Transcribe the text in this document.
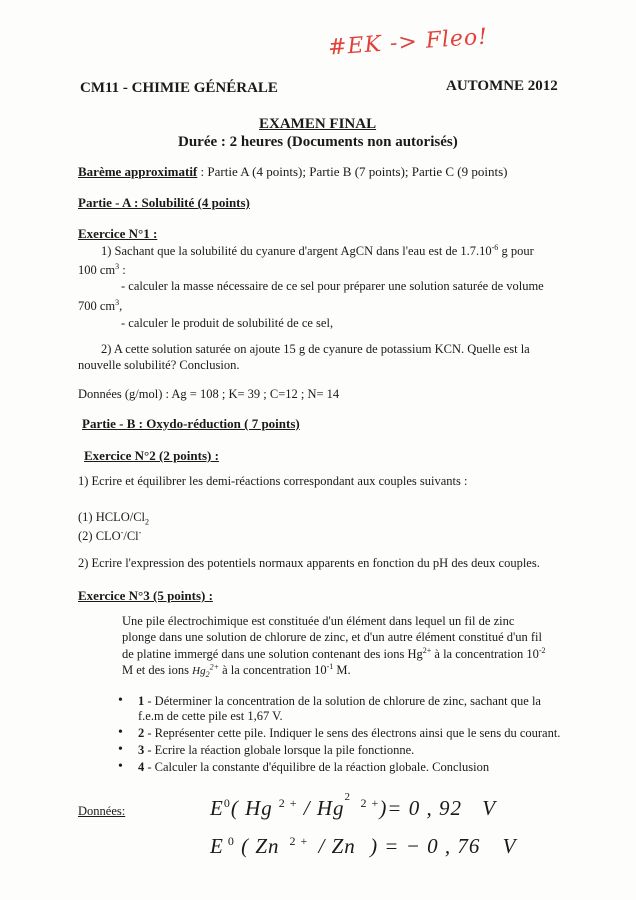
#EK -> Fleo!
CM11 - CHIMIE GÉNÉRALE	AUTOMNE 2012
EXAMEN FINAL
Durée : 2 heures (Documents non autorisés)
Barème approximatif : Partie A (4 points); Partie B (7 points); Partie C (9 points)
Partie - A : Solubilité (4 points)
Exercice N°1 :
1) Sachant que la solubilité du cyanure d'argent AgCN dans l'eau est de $1.7.10^{-6}$ g pour
100 $cm^3$ :
- calculer la masse nécessaire de ce sel pour préparer une solution saturée de volume
700 $cm^3$,
- calculer le produit de solubilité de ce sel,
2) A cette solution saturée on ajoute 15 g de cyanure de potassium KCN. Quelle est la
nouvelle solubilité? Conclusion.
Données (g/mol) : Ag = 108 ; K= 39 ; C=12 ; N= 14
Partie - B : Oxydo-réduction ( 7 points)
Exercice N°2 (2 points) :
1) Ecrire et équilibrer les demi-réactions correspondant aux couples suivants :
(1) HCLO/$Cl_2$
(2) CLO-/Cl-
2) Ecrire l'expression des potentiels normaux apparents en fonction du pH des deux couples.
Exercice N°3 (5 points) :
Une pile électrochimique est constituée d'un élément dans lequel un fil de zinc
plonge dans une solution de chlorure de zinc, et d'un autre élément constitué d'un fil
de platine immergé dans une solution contenant des ions $Hg^{2+}$ à la concentration $10^{-2}$
M et des ions $Hg_2^{2+}$ à la concentration $10^{-1}$ M.
• 1 - Déterminer la concentration de la solution de chlorure de zinc, sachant que la f.e.m de cette pile est 1,67 V.
• 2 - Représenter cette pile. Indiquer le sens des électrons ainsi que le sens du courant.
• 3 - Ecrire la réaction globale lorsque la pile fonctionne.
• 4 - Calculer la constante d'équilibre de la réaction globale. Conclusion
Données:	$E^0$( Hg $^{2 +}$ / Hg 2 $^{2 +}$)= 0 , 92 V
E $^0$ ( Zn $^{2 +}$ / Zn ) = − 0 , 76 V
